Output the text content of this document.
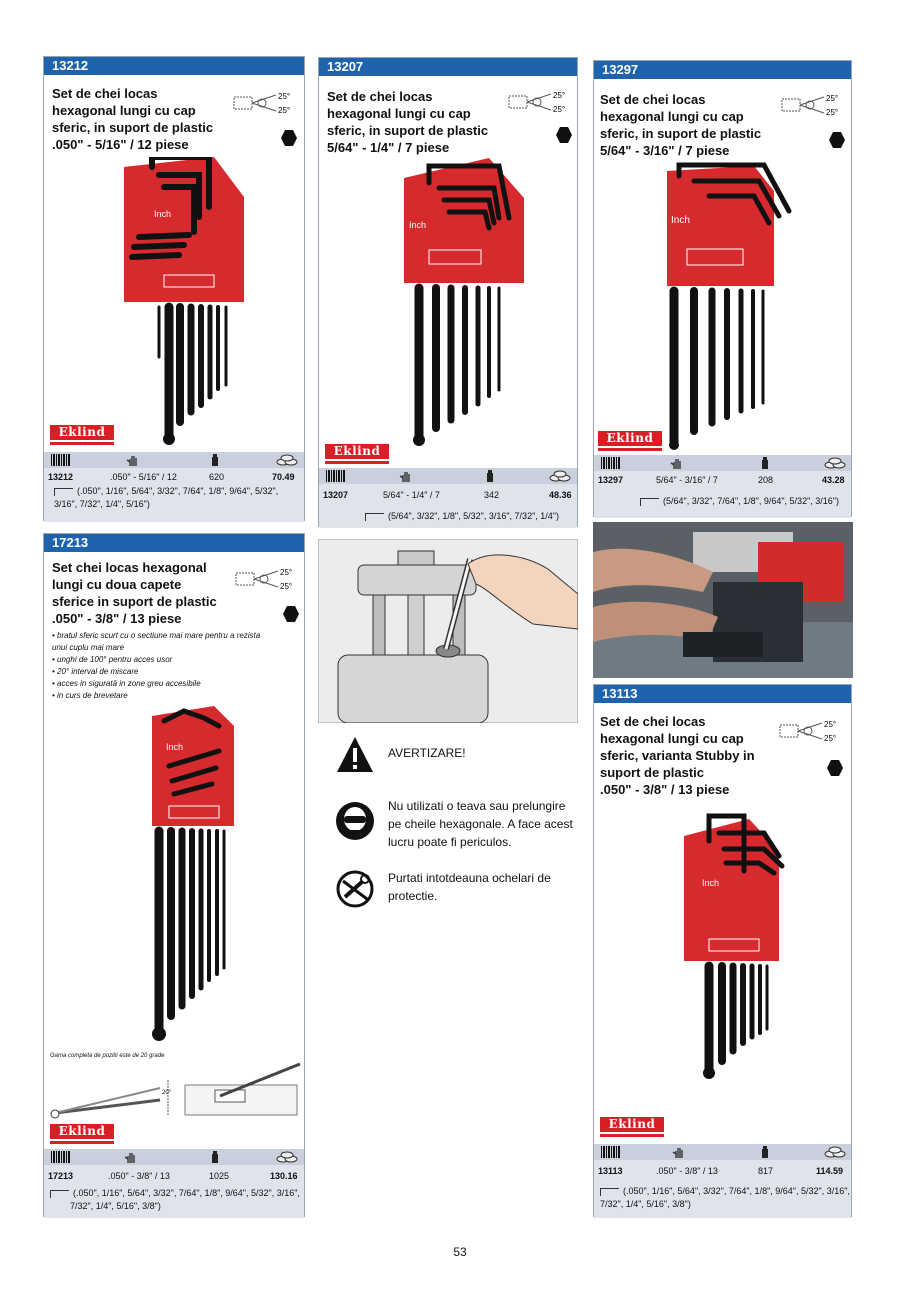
13212
Set de chei locas
hexagonal lungi cu cap
sferic, in suport de plastic
.050" - 5/16" / 12 piese
25°
25°
Inch
Eklind
13212	.050" - 5/16" / 12	620	70.49
(.050", 1/16", 5/64", 3/32", 7/64", 1/8", 9/64", 5/32",
3/16", 7/32", 1/4", 5/16")
13207
Set de chei locas
hexagonal lungi cu cap
sferic, in suport de plastic
5/64" - 1/4" / 7 piese
25°
25°
Inch
Eklind
13207	5/64" - 1/4" / 7	342	48.36
(5/64", 3/32", 1/8", 5/32", 3/16", 7/32", 1/4")
13297
Set de chei locas
hexagonal lungi cu cap
sferic, in suport de plastic
5/64" - 3/16" / 7 piese
25°
25°
Inch
Eklind
13297	5/64" - 3/16" / 7	208	43.28
(5/64", 3/32", 7/64", 1/8", 9/64", 5/32", 3/16")
17213
Set chei locas hexagonal
lungi cu doua capete
sferice in suport de plastic
.050" - 3/8" / 13 piese
25°
25°
• bratul sferic scurt cu o sectiune mai mare pentru a rezista
unui cuplu mai mare
• unghi de 100° pentru acces usor
• 20° interval de miscare
• acces in siguratā in zone greu accesibile
• in curs de brevetare
Inch
Gama completa de pozitii este de 20 grade
20°
Eklind
17213	.050" - 3/8" / 13	1025	130.16
(.050", 1/16", 5/64", 3/32", 7/64", 1/8", 9/64", 5/32", 3/16",
7/32", 1/4", 5/16", 3/8")
AVERTIZARE!
Nu utilizati o teava sau prelungire
pe cheile hexagonale. A face acest
lucru poate fi periculos.
Purtati intotdeauna ochelari de
protectie.
13113
Set de chei locas
hexagonal lungi cu cap
sferic, varianta Stubby in
suport de plastic
.050" - 3/8" / 13 piese
25°
25°
Inch
Eklind
13113	.050" - 3/8" / 13	817	114.59
(.050", 1/16", 5/64", 3/32", 7/64", 1/8", 9/64", 5/32", 3/16",
7/32", 1/4", 5/16", 3/8")
53
